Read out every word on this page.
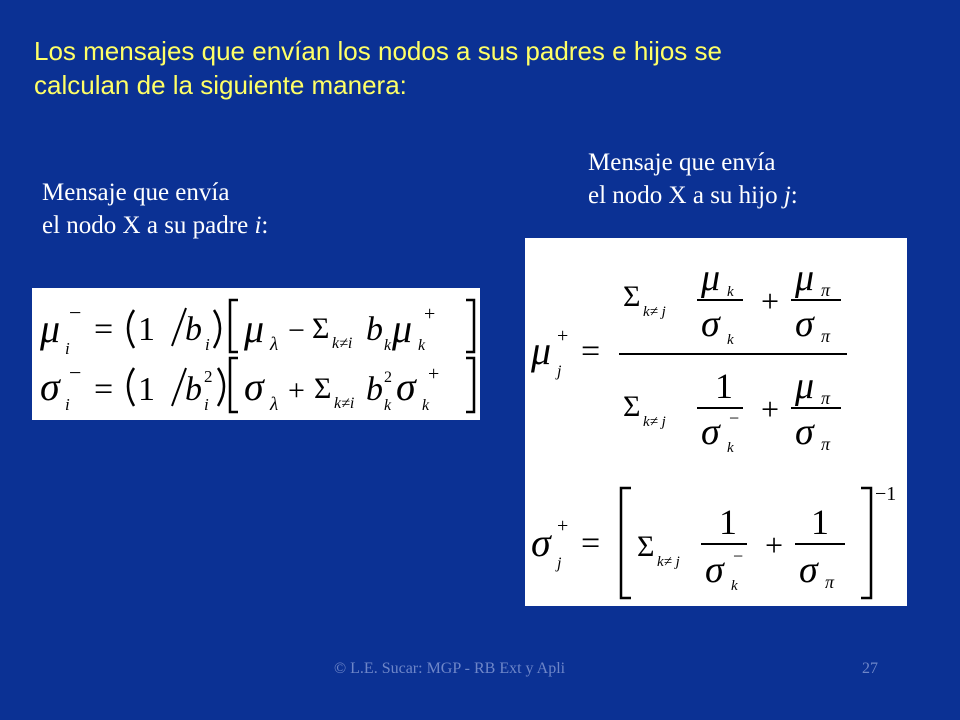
Los mensajes que envían los nodos a sus padres e hijos se
calculan de la siguiente manera:
Mensaje que envía
el nodo X a su padre i:
Mensaje que envía
el nodo X a su hijo j:
μ i
− = 1 b i μ λ − Σ k≠i b k μ k
+
σ i
− = 1 b i
2 σ λ + Σ k≠i b k
2 σ k
+
μ j
+ =
Σ k≠ j
μ k
σ k
+
μ π
σ π
Σ k≠ j
1
σ k
− +
μ π
σ π
σ j
+ = Σ k≠ j
1
σ k
− +
1
σ π
−1
© L.E. Sucar: MGP - RB Ext y Apli	27
